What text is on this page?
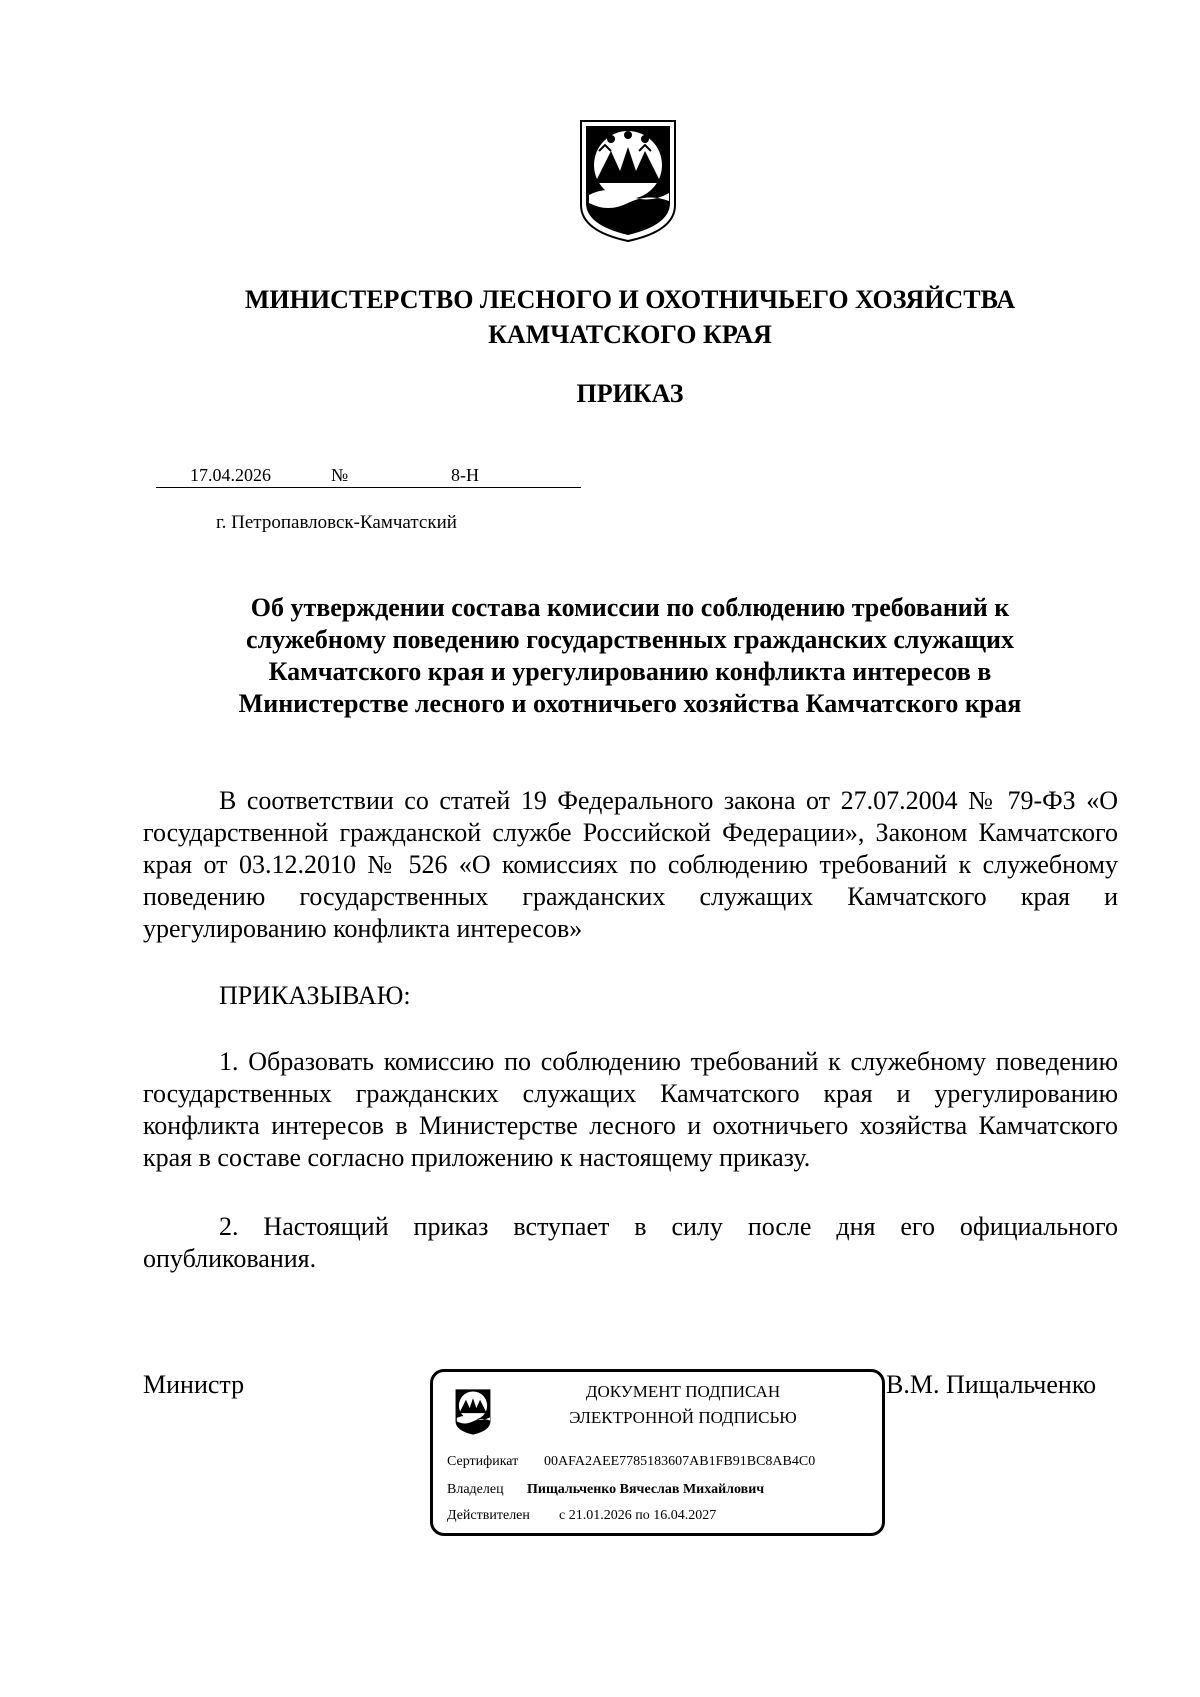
МИНИСТЕРСТВО ЛЕСНОГО И ОХОТНИЧЬЕГО ХОЗЯЙСТВА
КАМЧАТСКОГО КРАЯ
ПРИКАЗ
17.04.2026	№	8-Н
г. Петропавловск-Камчатский
Об утверждении состава комиссии по соблюдению требований к
служебному поведению государственных гражданских служащих
Камчатского края и урегулированию конфликта интересов в
Министерстве лесного и охотничьего хозяйства Камчатского края
В соответствии со статей 19 Федерального закона от 27.07.2004 № 79-ФЗ «О государственной гражданской службе Российской Федерации», Законом Камчатского края от 03.12.2010 № 526 «О комиссиях по соблюдению требований к служебному поведению государственных гражданских служащих Камчатского края и урегулированию конфликта интересов»
ПРИКАЗЫВАЮ:
1. Образовать комиссию по соблюдению требований к служебному поведению государственных гражданских служащих Камчатского края и урегулированию конфликта интересов в Министерстве лесного и охотничьего хозяйства Камчатского края в составе согласно приложению к настоящему приказу.
2. Настоящий приказ вступает в силу после дня его официального опубликования.
Министр	ДОКУМЕНТ ПОДПИСАН
ЭЛЕКТРОННОЙ ПОДПИСЬЮ
Сертификат 00AFA2AEE7785183607AB1FB91BC8AB4C0
Владелец Пищальченко Вячеслав Михайлович
Действителен с 21.01.2026 по 16.04.2027
В.М. Пищальченко
